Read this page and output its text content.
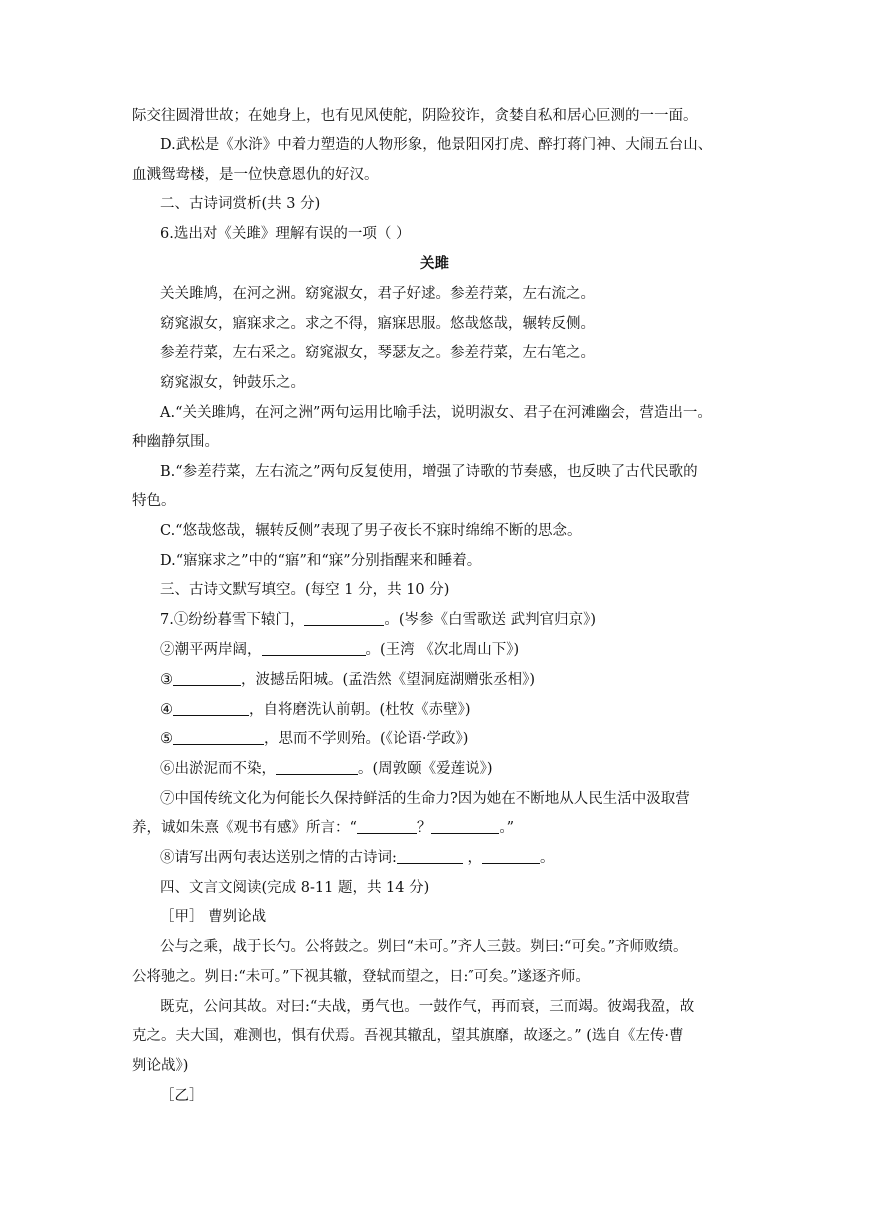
际交往圆滑世故；在她身上，也有见风使舵，阴险狡诈，贪婪自私和居心叵测的一一面。
D.武松是《水浒》中着力塑造的人物形象，他景阳冈打虎、醉打蒋门神、大闹五台山、
血溅鸳鸯楼，是一位快意恩仇的好汉。
二、古诗词赏析(共 3 分)
6.选出对《关雎》理解有误的一项（ ）
关雎
关关雎鸠，在河之洲。窈窕淑女，君子好逑。参差荇菜，左右流之。
窈窕淑女，寤寐求之。求之不得，寤寐思服。悠哉悠哉，辗转反侧。
参差荇菜，左右采之。窈窕淑女，琴瑟友之。参差荇菜，左右笔之。
窈窕淑女，钟鼓乐之。
A.“关关雎鸠，在河之洲”两句运用比喻手法，说明淑女、君子在河滩幽会，营造出一。
种幽静氛围。
B.“参差荇菜，左右流之”两句反复使用，增强了诗歌的节奏感，也反映了古代民歌的
特色。
C.“悠哉悠哉，辗转反侧”表现了男子夜长不寐时绵绵不断的思念。
D.“寤寐求之”中的“寤”和“寐”分别指醒来和睡着。
三、古诗文默写填空。(每空 1 分，共 10 分)
7.①纷纷暮雪下辕门，	。(岑参《白雪歌送 武判官归京》)
②潮平两岸阔，	。(王湾 《次北周山下》)
③	，波撼岳阳城。(孟浩然《望洞庭湖赠张丞相》)
④	，自将磨洗认前朝。(杜牧《赤壁》)
⑤	，思而不学则殆。(《论语·学政》)
⑥出淤泥而不染，	。(周敦颐《爱莲说》)
⑦中国传统文化为何能长久保持鲜活的生命力?因为她在不断地从人民生活中汲取营
养，诚如朱熹《观书有感》所言：“	？	。”
⑧请写出两句表达送别之情的古诗词:	，	。
四、文言文阅读(完成 8-11 题，共 14 分)
［甲］ 曹刿论战
公与之乘，战于长勺。公将鼓之。刿曰“未可。”齐人三鼓。刿曰:“可矣。”齐师败绩。
公将驰之。刿日:“未可。”下视其辙，登轼而望之，日:″可矣。”遂逐齐师。
既克，公问其故。对曰:“夫战，勇气也。一鼓作气，再而衰，三而竭。彼竭我盈，故
克之。夫大国，难测也，惧有伏焉。吾视其辙乱，望其旗靡，故逐之。” (选自《左传·曹
刿论战》)
［乙］
